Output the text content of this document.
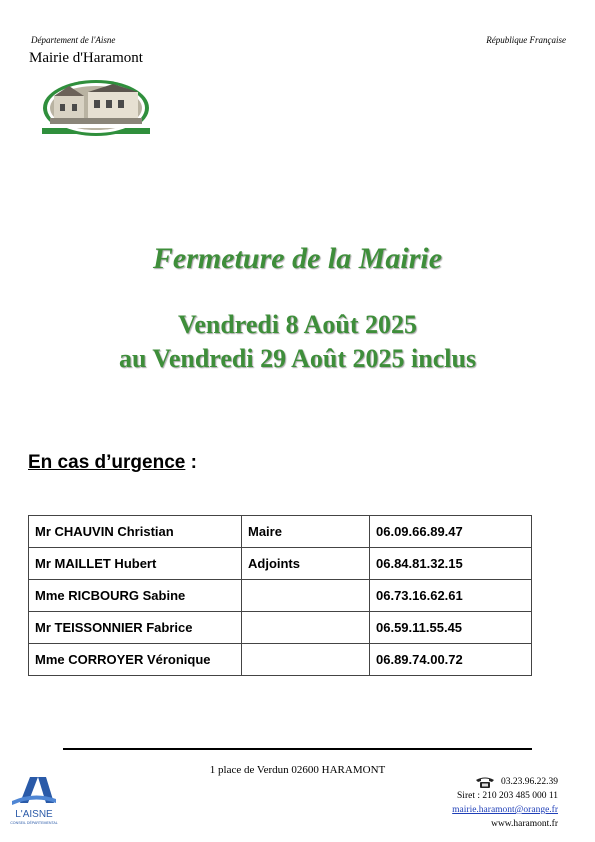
Département de l'Aisne	République Française
Mairie d'Haramont
Fermeture de la Mairie
Vendredi 8 Août 2025
au Vendredi 29 Août 2025 inclus
En cas d’urgence :
Mr CHAUVIN Christian	Maire	06.09.66.89.47
Mr MAILLET Hubert	Adjoints	06.84.81.32.15
Mme RICBOURG Sabine		06.73.16.62.61
Mr TEISSONNIER Fabrice		06.59.11.55.45
Mme CORROYER Véronique		06.89.74.00.72
1 place de Verdun 02600 HARAMONT
L'AISNE
CONSEIL DÉPARTEMENTAL
03.23.96.22.39
Siret : 210 203 485 000 11
mairie.haramont@orange.fr
www.haramont.fr
